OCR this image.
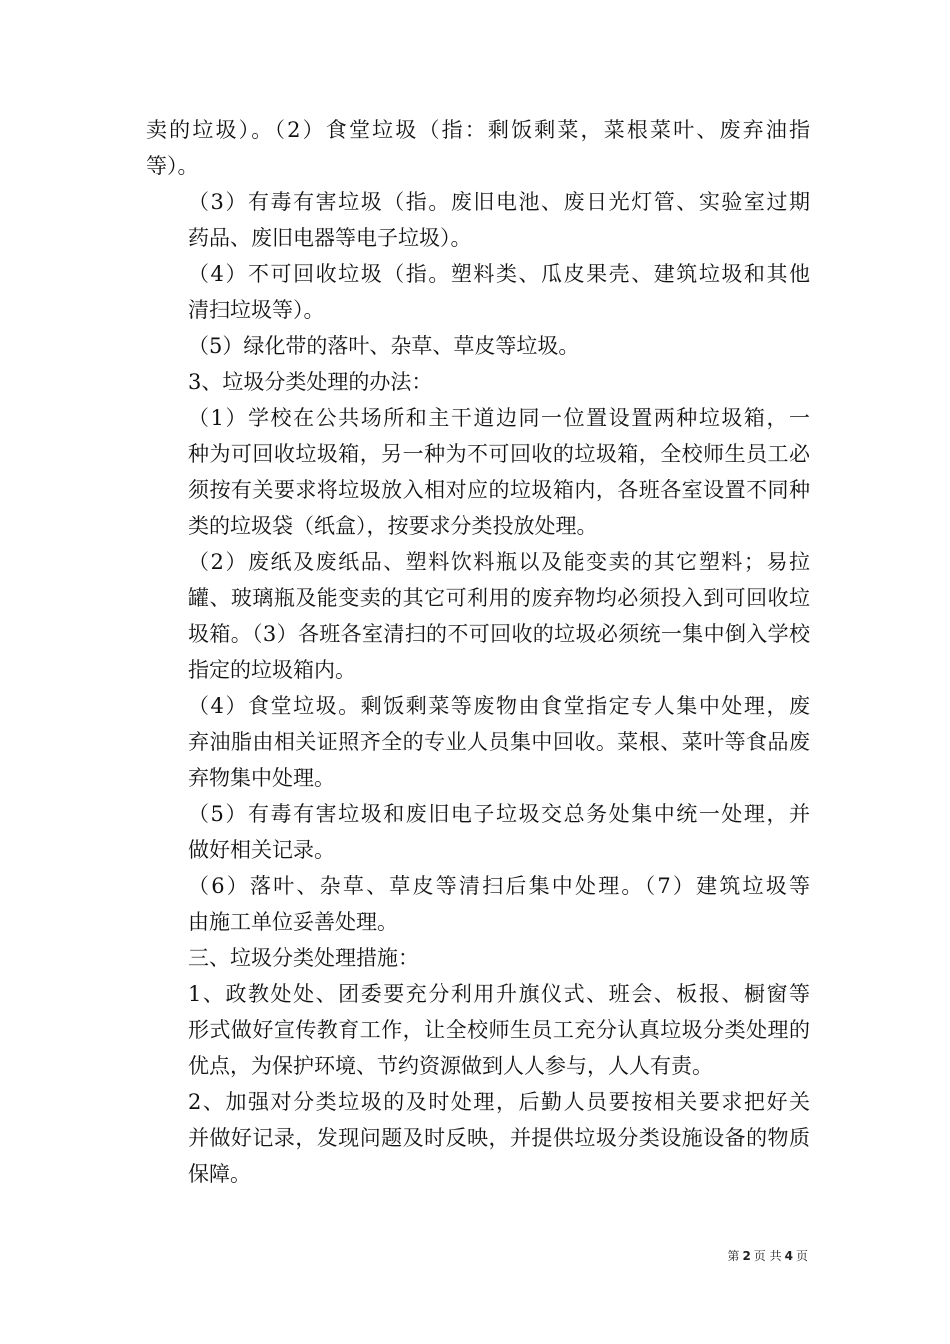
卖的垃圾）。（2）食堂垃圾（指：剩饭剩菜，菜根菜叶、废弃油指
等）。

（3）有毒有害垃圾（指。废旧电池、废日光灯管、实验室过期
药品、废旧电器等电子垃圾）。

（4）不可回收垃圾（指。塑料类、瓜皮果壳、建筑垃圾和其他
清扫垃圾等）。

（5）绿化带的落叶、杂草、草皮等垃圾。

3、垃圾分类处理的办法：

（1）学校在公共场所和主干道边同一位置设置两种垃圾箱，一
种为可回收垃圾箱，另一种为不可回收的垃圾箱，全校师生员工必
须按有关要求将垃圾放入相对应的垃圾箱内，各班各室设置不同种
类的垃圾袋（纸盒），按要求分类投放处理。

（2）废纸及废纸品、塑料饮料瓶以及能变卖的其它塑料；易拉
罐、玻璃瓶及能变卖的其它可利用的废弃物均必须投入到可回收垃
圾箱。（3）各班各室清扫的不可回收的垃圾必须统一集中倒入学校
指定的垃圾箱内。

（4）食堂垃圾。剩饭剩菜等废物由食堂指定专人集中处理，废
弃油脂由相关证照齐全的专业人员集中回收。菜根、菜叶等食品废
弃物集中处理。

（5）有毒有害垃圾和废旧电子垃圾交总务处集中统一处理，并
做好相关记录。

（6）落叶、杂草、草皮等清扫后集中处理。（7）建筑垃圾等
由施工单位妥善处理。

三、垃圾分类处理措施：

1、政教处处、团委要充分利用升旗仪式、班会、板报、橱窗等
形式做好宣传教育工作，让全校师生员工充分认真垃圾分类处理的
优点，为保护环境、节约资源做到人人参与，人人有责。

2、加强对分类垃圾的及时处理，后勤人员要按相关要求把好关
并做好记录，发现问题及时反映，并提供垃圾分类设施设备的物质
保障。

第 2 页 共 4 页
